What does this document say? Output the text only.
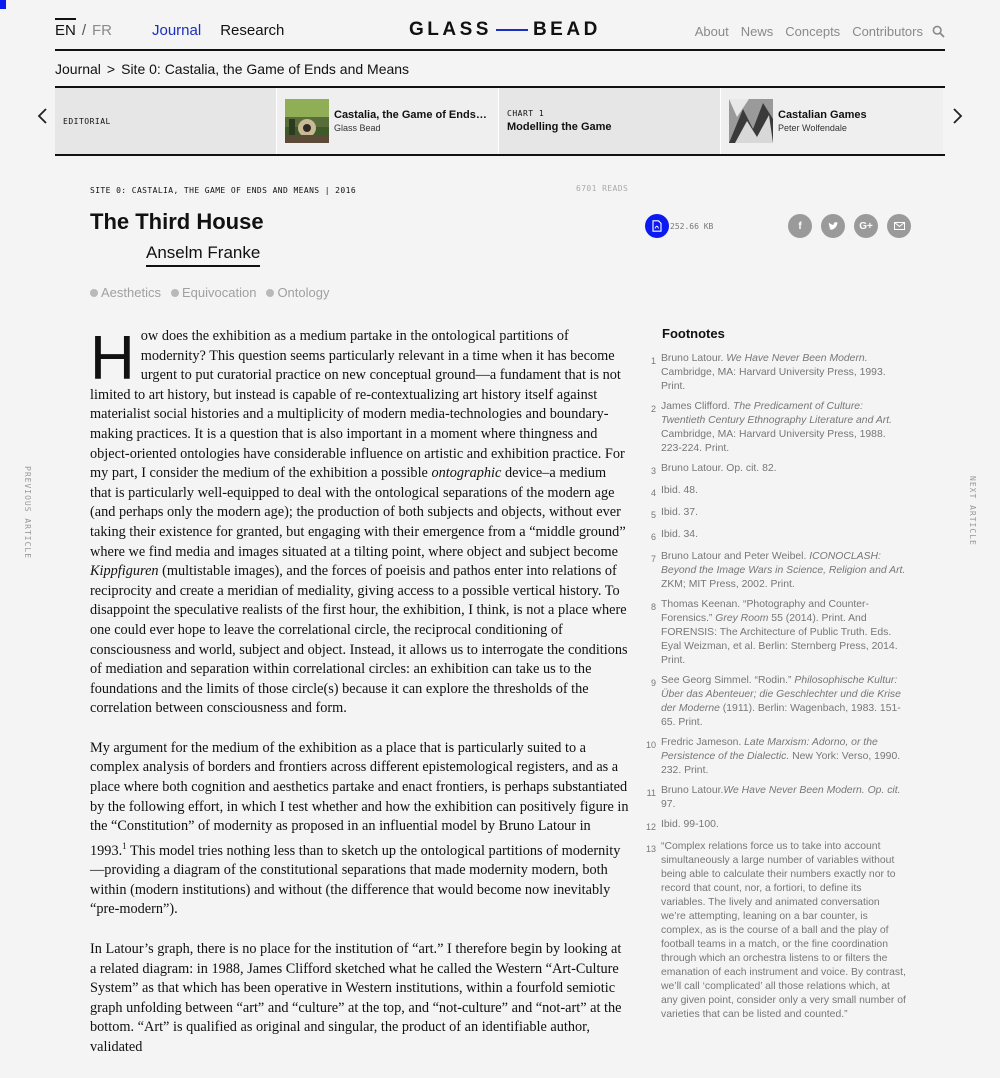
EN / FR	Journal Research	GLASS BEAD	About News Concepts Contributors
Journal > Site 0: Castalia, the Game of Ends and Means
EDITORIAL	Castalia, the Game of Ends…
Glass Bead
CHART 1
Modelling the Game
Castalian Games
Peter Wolfendale
PREVIOUS ARTICLE	NEXT ARTICLE
SITE 0: CASTALIA, THE GAME OF ENDS AND MEANS | 2016	6701 READS
The Third House
Anselm Franke
Aesthetics Equivocation Ontology
252.66 KB	f	G+

How does the exhibition as a medium partake in the ontological partitions of modernity? This question seems particularly relevant in a time when it has become urgent to put curatorial practice on new conceptual ground—a fundament that is not limited to art history, but instead is capable of re-contextualizing art history itself against materialist social histories and a multiplicity of modern media-technologies and boundary-making practices. It is a question that is also important in a moment where thingness and object-oriented ontologies have considerable influence on artistic and exhibition practice. For my part, I consider the medium of the exhibition a possible ontographic device–a medium that is particularly well-equipped to deal with the ontological separations of the modern age (and perhaps only the modern age); the production of both subjects and objects, without ever taking their existence for granted, but engaging with their emergence from a “middle ground” where we find media and images situated at a tilting point, where object and subject become Kippfiguren (multistable images), and the forces of poeisis and pathos enter into relations of reciprocity and create a meridian of mediality, giving access to a possible vertical history. To disappoint the speculative realists of the first hour, the exhibition, I think, is not a place where one could ever hope to leave the correlational circle, the reciprocal conditioning of consciousness and world, subject and object. Instead, it allows us to interrogate the conditions of mediation and separation within correlational circles: an exhibition can take us to the foundations and the limits of those circle(s) because it can explore the thresholds of the correlation between consciousness and form.

My argument for the medium of the exhibition as a place that is particularly suited to a complex analysis of borders and frontiers across different epistemological registers, and as a place where both cognition and aesthetics partake and enact frontiers, is perhaps substantiated by the following effort, in which I test whether and how the exhibition can positively figure in the “Constitution” of modernity as proposed in an influential model by Bruno Latour in 1993.$^1$ This model tries nothing less than to sketch up the ontological partitions of modernity—providing a diagram of the constitutional separations that made modernity modern, both within (modern institutions) and without (the difference that would become now inevitably “pre-modern”).

In Latour’s graph, there is no place for the institution of “art.” I therefore begin by looking at a related diagram: in 1988, James Clifford sketched what he called the Western “Art-Culture System” as that which has been operative in Western institutions, within a fourfold semiotic graph unfolding between “art” and “culture” at the top, and “not-culture” and “not-art” at the bottom. “Art” is qualified as original and singular, the product of an identifiable author, validated

Footnotes
1 Bruno Latour. We Have Never Been Modern. Cambridge, MA: Harvard University Press, 1993. Print.
2 James Clifford. The Predicament of Culture: Twentieth Century Ethnography Literature and Art. Cambridge, MA: Harvard University Press, 1988. 223-224. Print.
3 Bruno Latour. Op. cit. 82.
4 Ibid. 48.
5 Ibid. 37.
6 Ibid. 34.
7 Bruno Latour and Peter Weibel. ICONOCLASH: Beyond the Image Wars in Science, Religion and Art. ZKM; MIT Press, 2002. Print.
8 Thomas Keenan. “Photography and Counter-Forensics.” Grey Room 55 (2014). Print. And FORENSIS: The Architecture of Public Truth. Eds. Eyal Weizman, et al. Berlin: Sternberg Press, 2014. Print.
9 See Georg Simmel. “Rodin.” Philosophische Kultur: Über das Abenteuer; die Geschlechter und die Krise der Moderne (1911). Berlin: Wagenbach, 1983. 151-65. Print.
10 Fredric Jameson. Late Marxism: Adorno, or the Persistence of the Dialectic. New York: Verso, 1990. 232. Print.
11 Bruno Latour.We Have Never Been Modern. Op. cit. 97.
12 Ibid. 99-100.
13 “Complex relations force us to take into account simultaneously a large number of variables without being able to calculate their numbers exactly nor to record that count, nor, a fortiori, to define its variables. The lively and animated conversation we’re attempting, leaning on a bar counter, is complex, as is the course of a ball and the play of football teams in a match, or the fine coordination through which an orchestra listens to or filters the emanation of each instrument and voice. By contrast, we’ll call ‘complicated’ all those relations which, at any given point, consider only a very small number of varieties that can be listed and counted.”
